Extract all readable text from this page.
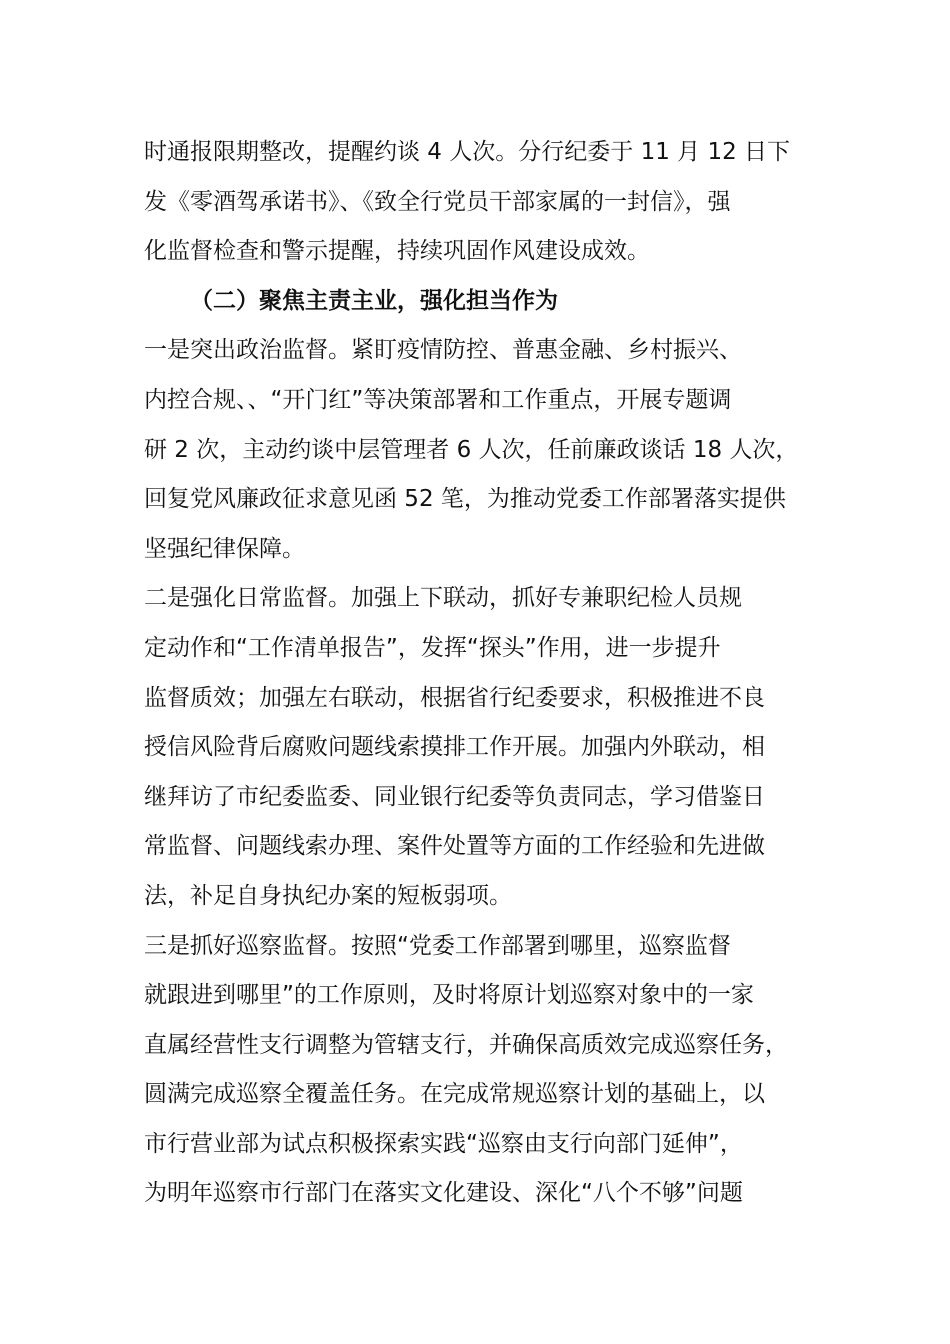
时通报限期整改，提醒约谈 4 人次。分行纪委于 11 月 12 日下
发《零酒驾承诺书》、《致全行党员干部家属的一封信》，强
化监督检查和警示提醒，持续巩固作风建设成效。
（二）聚焦主责主业，强化担当作为
一是突出政治监督。紧盯疫情防控、普惠金融、乡村振兴、
内控合规、、“开门红”等决策部署和工作重点，开展专题调
研 2 次，主动约谈中层管理者 6 人次，任前廉政谈话 18 人次，
回复党风廉政征求意见函 52 笔，为推动党委工作部署落实提供
坚强纪律保障。
二是强化日常监督。加强上下联动，抓好专兼职纪检人员规
定动作和“工作清单报告”，发挥“探头”作用，进一步提升
监督质效；加强左右联动，根据省行纪委要求，积极推进不良
授信风险背后腐败问题线索摸排工作开展。加强内外联动，相
继拜访了市纪委监委、同业银行纪委等负责同志，学习借鉴日
常监督、问题线索办理、案件处置等方面的工作经验和先进做
法，补足自身执纪办案的短板弱项。
三是抓好巡察监督。按照“党委工作部署到哪里，巡察监督
就跟进到哪里”的工作原则，及时将原计划巡察对象中的一家
直属经营性支行调整为管辖支行，并确保高质效完成巡察任务，
圆满完成巡察全覆盖任务。在完成常规巡察计划的基础上，以
市行营业部为试点积极探索实践“巡察由支行向部门延伸”，
为明年巡察市行部门在落实文化建设、深化“八个不够”问题
